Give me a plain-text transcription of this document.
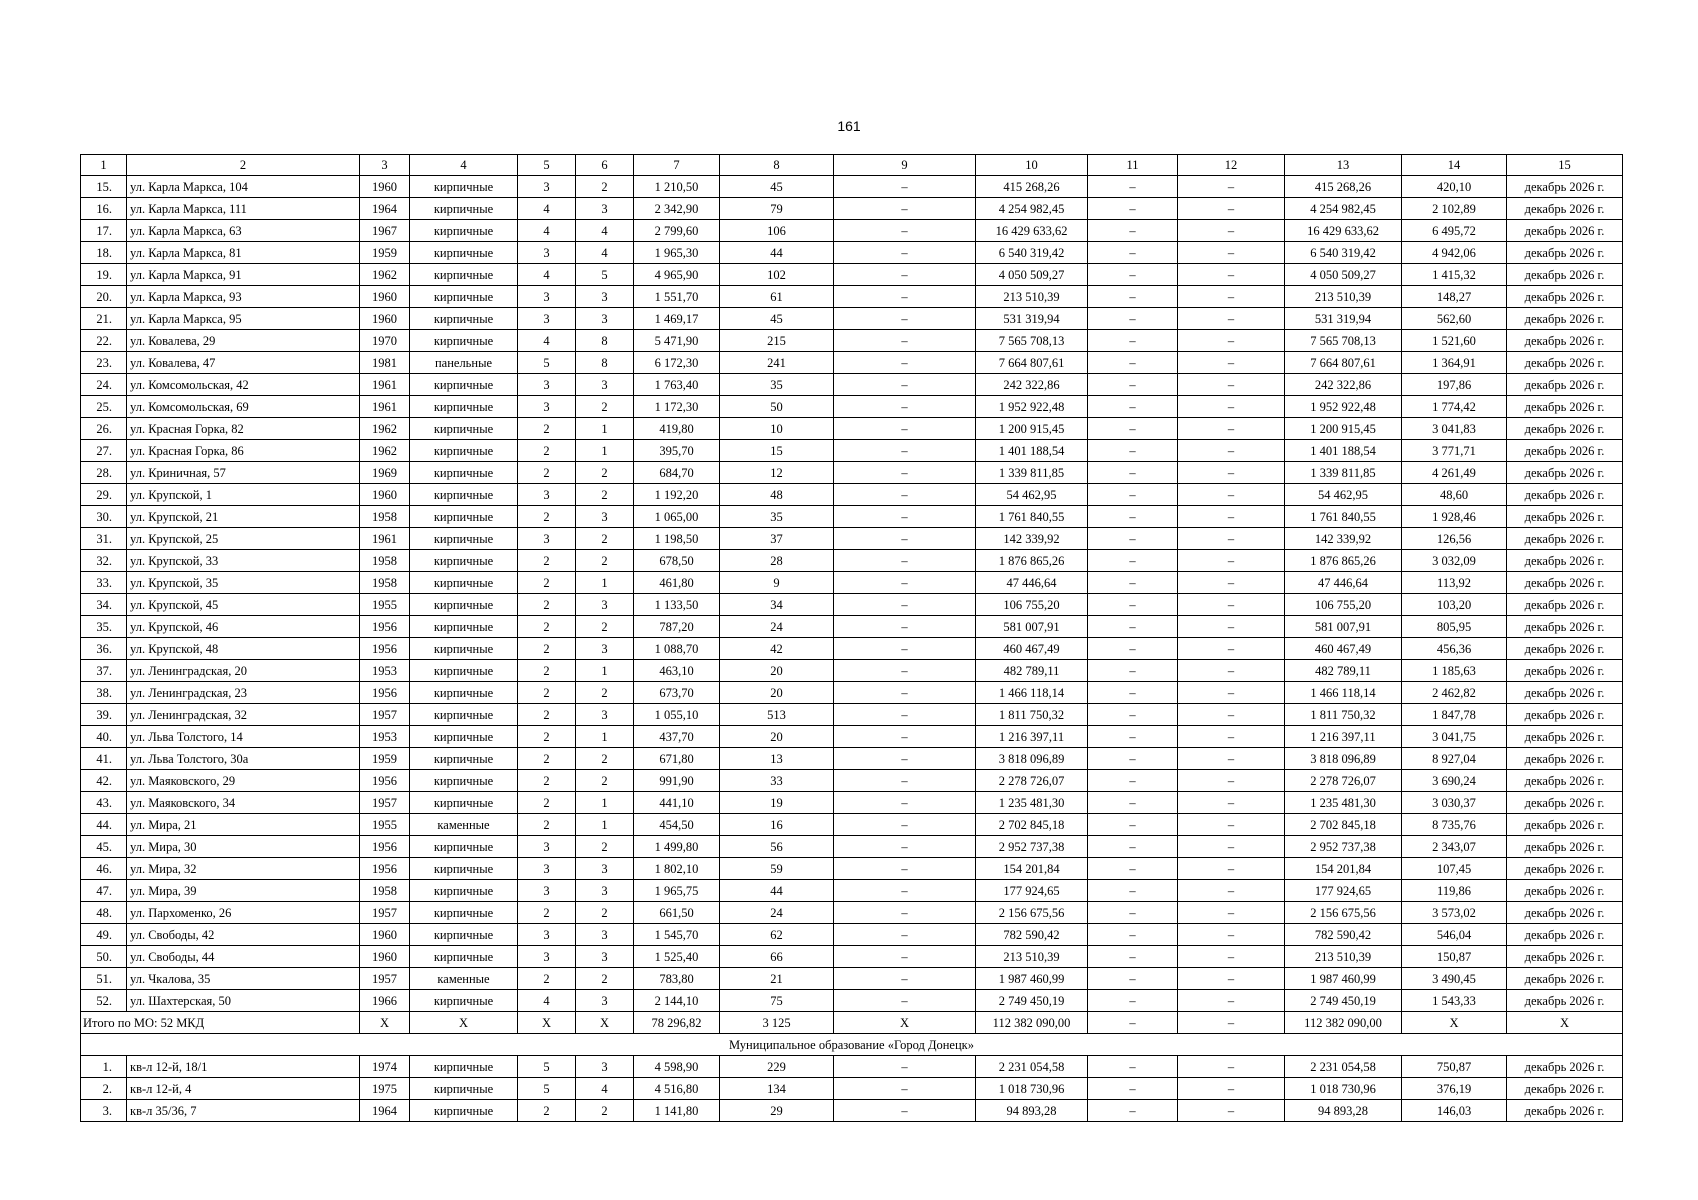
161
1	2	3	4	5	6	7	8	9	10	11	12	13	14	15
15.	ул. Карла Маркса, 104	1960	кирпичные	3	2	1 210,50	45	–	415 268,26	–	–	415 268,26	420,10	декабрь 2026 г.
16.	ул. Карла Маркса, 111	1964	кирпичные	4	3	2 342,90	79	–	4 254 982,45	–	–	4 254 982,45	2 102,89	декабрь 2026 г.
17.	ул. Карла Маркса, 63	1967	кирпичные	4	4	2 799,60	106	–	16 429 633,62	–	–	16 429 633,62	6 495,72	декабрь 2026 г.
18.	ул. Карла Маркса, 81	1959	кирпичные	3	4	1 965,30	44	–	6 540 319,42	–	–	6 540 319,42	4 942,06	декабрь 2026 г.
19.	ул. Карла Маркса, 91	1962	кирпичные	4	5	4 965,90	102	–	4 050 509,27	–	–	4 050 509,27	1 415,32	декабрь 2026 г.
20.	ул. Карла Маркса, 93	1960	кирпичные	3	3	1 551,70	61	–	213 510,39	–	–	213 510,39	148,27	декабрь 2026 г.
21.	ул. Карла Маркса, 95	1960	кирпичные	3	3	1 469,17	45	–	531 319,94	–	–	531 319,94	562,60	декабрь 2026 г.
22.	ул. Ковалева, 29	1970	кирпичные	4	8	5 471,90	215	–	7 565 708,13	–	–	7 565 708,13	1 521,60	декабрь 2026 г.
23.	ул. Ковалева, 47	1981	панельные	5	8	6 172,30	241	–	7 664 807,61	–	–	7 664 807,61	1 364,91	декабрь 2026 г.
24.	ул. Комсомольская, 42	1961	кирпичные	3	3	1 763,40	35	–	242 322,86	–	–	242 322,86	197,86	декабрь 2026 г.
25.	ул. Комсомольская, 69	1961	кирпичные	3	2	1 172,30	50	–	1 952 922,48	–	–	1 952 922,48	1 774,42	декабрь 2026 г.
26.	ул. Красная Горка, 82	1962	кирпичные	2	1	419,80	10	–	1 200 915,45	–	–	1 200 915,45	3 041,83	декабрь 2026 г.
27.	ул. Красная Горка, 86	1962	кирпичные	2	1	395,70	15	–	1 401 188,54	–	–	1 401 188,54	3 771,71	декабрь 2026 г.
28.	ул. Криничная, 57	1969	кирпичные	2	2	684,70	12	–	1 339 811,85	–	–	1 339 811,85	4 261,49	декабрь 2026 г.
29.	ул. Крупской, 1	1960	кирпичные	3	2	1 192,20	48	–	54 462,95	–	–	54 462,95	48,60	декабрь 2026 г.
30.	ул. Крупской, 21	1958	кирпичные	2	3	1 065,00	35	–	1 761 840,55	–	–	1 761 840,55	1 928,46	декабрь 2026 г.
31.	ул. Крупской, 25	1961	кирпичные	3	2	1 198,50	37	–	142 339,92	–	–	142 339,92	126,56	декабрь 2026 г.
32.	ул. Крупской, 33	1958	кирпичные	2	2	678,50	28	–	1 876 865,26	–	–	1 876 865,26	3 032,09	декабрь 2026 г.
33.	ул. Крупской, 35	1958	кирпичные	2	1	461,80	9	–	47 446,64	–	–	47 446,64	113,92	декабрь 2026 г.
34.	ул. Крупской, 45	1955	кирпичные	2	3	1 133,50	34	–	106 755,20	–	–	106 755,20	103,20	декабрь 2026 г.
35.	ул. Крупской, 46	1956	кирпичные	2	2	787,20	24	–	581 007,91	–	–	581 007,91	805,95	декабрь 2026 г.
36.	ул. Крупской, 48	1956	кирпичные	2	3	1 088,70	42	–	460 467,49	–	–	460 467,49	456,36	декабрь 2026 г.
37.	ул. Ленинградская, 20	1953	кирпичные	2	1	463,10	20	–	482 789,11	–	–	482 789,11	1 185,63	декабрь 2026 г.
38.	ул. Ленинградская, 23	1956	кирпичные	2	2	673,70	20	–	1 466 118,14	–	–	1 466 118,14	2 462,82	декабрь 2026 г.
39.	ул. Ленинградская, 32	1957	кирпичные	2	3	1 055,10	513	–	1 811 750,32	–	–	1 811 750,32	1 847,78	декабрь 2026 г.
40.	ул. Льва Толстого, 14	1953	кирпичные	2	1	437,70	20	–	1 216 397,11	–	–	1 216 397,11	3 041,75	декабрь 2026 г.
41.	ул. Льва Толстого, 30а	1959	кирпичные	2	2	671,80	13	–	3 818 096,89	–	–	3 818 096,89	8 927,04	декабрь 2026 г.
42.	ул. Маяковского, 29	1956	кирпичные	2	2	991,90	33	–	2 278 726,07	–	–	2 278 726,07	3 690,24	декабрь 2026 г.
43.	ул. Маяковского, 34	1957	кирпичные	2	1	441,10	19	–	1 235 481,30	–	–	1 235 481,30	3 030,37	декабрь 2026 г.
44.	ул. Мира, 21	1955	каменные	2	1	454,50	16	–	2 702 845,18	–	–	2 702 845,18	8 735,76	декабрь 2026 г.
45.	ул. Мира, 30	1956	кирпичные	3	2	1 499,80	56	–	2 952 737,38	–	–	2 952 737,38	2 343,07	декабрь 2026 г.
46.	ул. Мира, 32	1956	кирпичные	3	3	1 802,10	59	–	154 201,84	–	–	154 201,84	107,45	декабрь 2026 г.
47.	ул. Мира, 39	1958	кирпичные	3	3	1 965,75	44	–	177 924,65	–	–	177 924,65	119,86	декабрь 2026 г.
48.	ул. Пархоменко, 26	1957	кирпичные	2	2	661,50	24	–	2 156 675,56	–	–	2 156 675,56	3 573,02	декабрь 2026 г.
49.	ул. Свободы, 42	1960	кирпичные	3	3	1 545,70	62	–	782 590,42	–	–	782 590,42	546,04	декабрь 2026 г.
50.	ул. Свободы, 44	1960	кирпичные	3	3	1 525,40	66	–	213 510,39	–	–	213 510,39	150,87	декабрь 2026 г.
51.	ул. Чкалова, 35	1957	каменные	2	2	783,80	21	–	1 987 460,99	–	–	1 987 460,99	3 490,45	декабрь 2026 г.
52.	ул. Шахтерская, 50	1966	кирпичные	4	3	2 144,10	75	–	2 749 450,19	–	–	2 749 450,19	1 543,33	декабрь 2026 г.
Итого по МО: 52 МКД		X	X	X	X	78 296,82	3 125	X	112 382 090,00	–	–	112 382 090,00	X	X
Муниципальное образование «Город Донецк»														
1.	кв-л 12-й, 18/1	1974	кирпичные	5	3	4 598,90	229	–	2 231 054,58	–	–	2 231 054,58	750,87	декабрь 2026 г.
2.	кв-л 12-й, 4	1975	кирпичные	5	4	4 516,80	134	–	1 018 730,96	–	–	1 018 730,96	376,19	декабрь 2026 г.
3.	кв-л 35/36, 7	1964	кирпичные	2	2	1 141,80	29	–	94 893,28	–	–	94 893,28	146,03	декабрь 2026 г.
